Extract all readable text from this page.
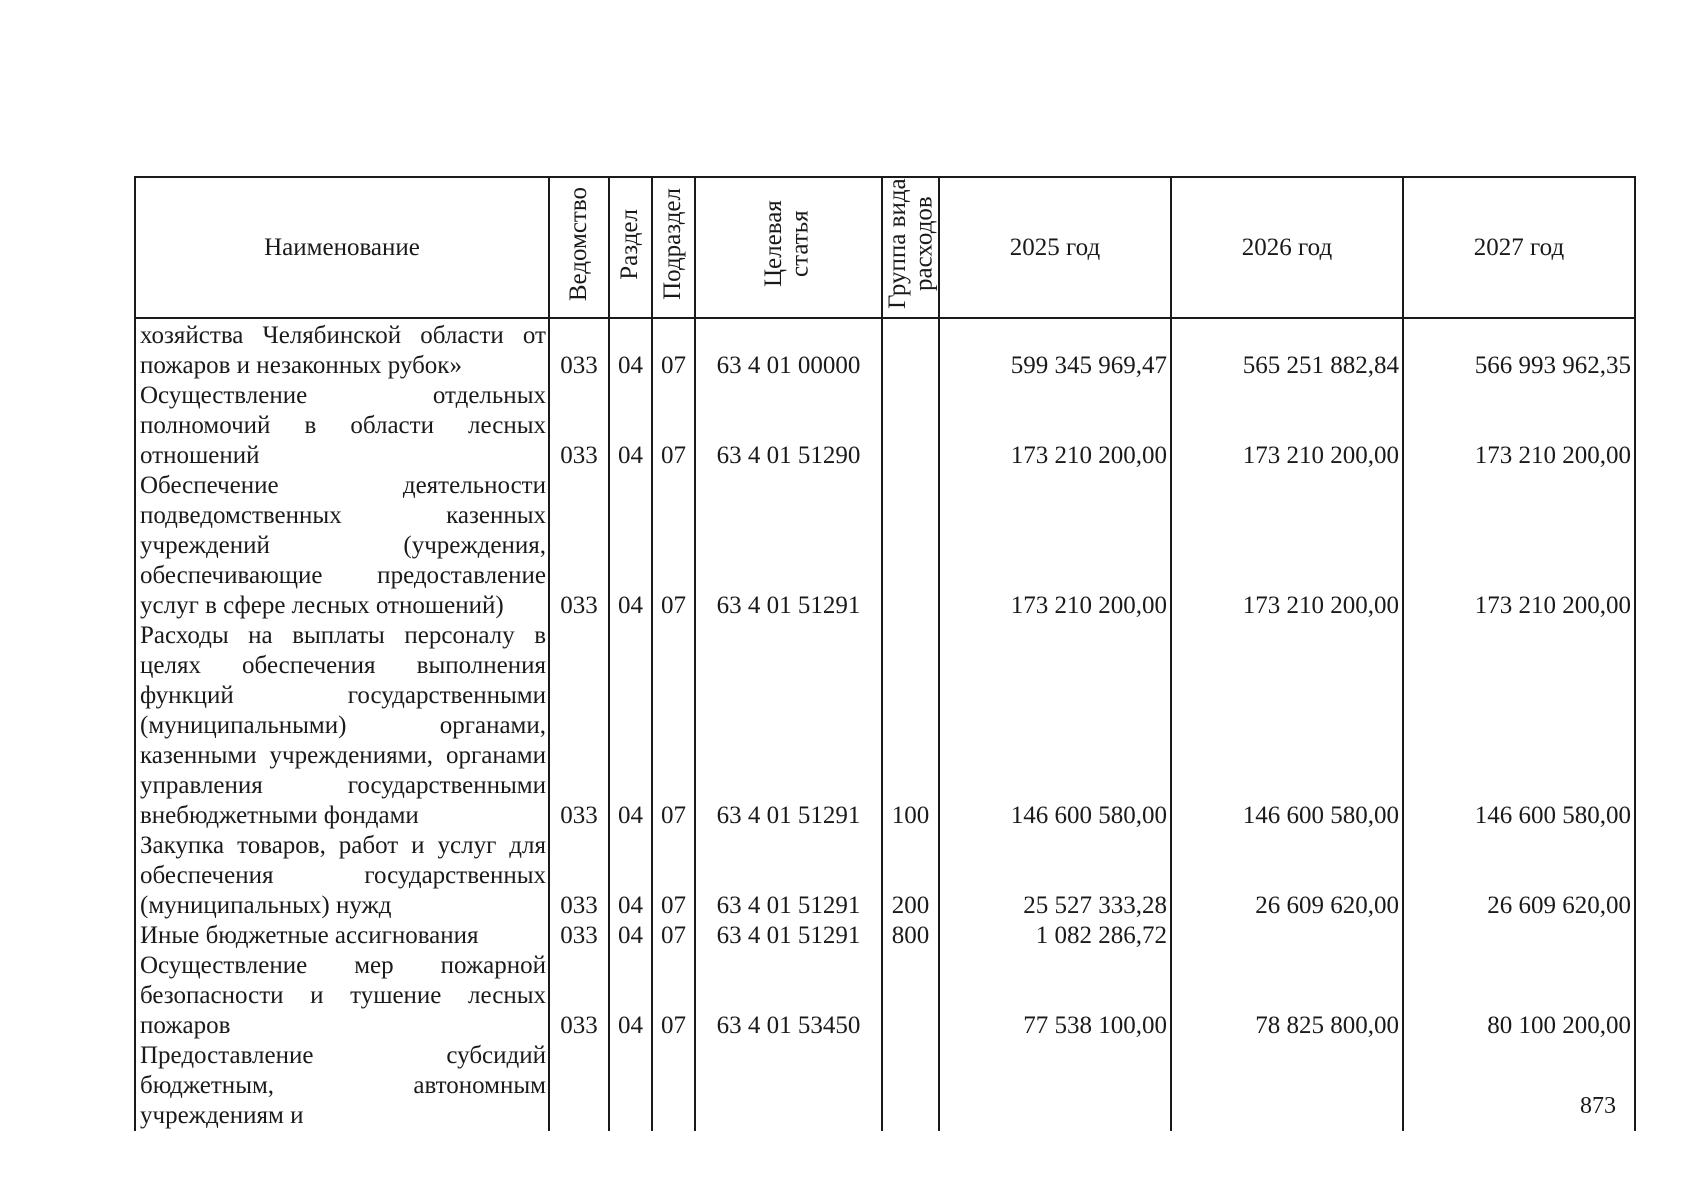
Наименование	Ведомство	Раздел	Подраздел	Целевая статья	Группа вида расходов	2025 год	2026 год	2027 год
хозяйства Челябинской области от пожаров и незаконных рубок»	033	04	07	63 4 01 00000		599 345 969,47	565 251 882,84	566 993 962,35
Осуществление отдельных полномочий в области лесных отношений	033	04	07	63 4 01 51290		173 210 200,00	173 210 200,00	173 210 200,00
Обеспечение деятельности подведомственных казенных учреждений (учреждения, обеспечивающие предоставление услуг в сфере лесных отношений)	033	04	07	63 4 01 51291		173 210 200,00	173 210 200,00	173 210 200,00
Расходы на выплаты персоналу в целях обеспечения выполнения функций государственными (муниципальными) органами, казенными учреждениями, органами управления государственными внебюджетными фондами	033	04	07	63 4 01 51291	100	146 600 580,00	146 600 580,00	146 600 580,00
Закупка товаров, работ и услуг для обеспечения государственных (муниципальных) нужд	033	04	07	63 4 01 51291	200	25 527 333,28	26 609 620,00	26 609 620,00
Иные бюджетные ассигнования	033	04	07	63 4 01 51291	800	1 082 286,72		
Осуществление мер пожарной безопасности и тушение лесных пожаров	033	04	07	63 4 01 53450		77 538 100,00	78 825 800,00	80 100 200,00
Предоставление субсидий бюджетным, автономным учреждениям и									873
